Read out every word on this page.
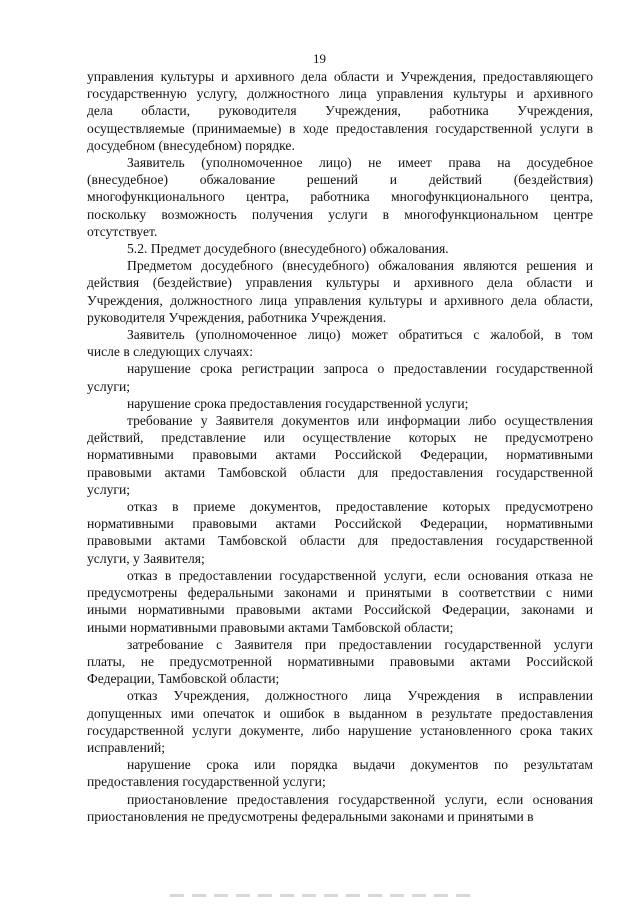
19
управления культуры и архивного дела области и Учреждения, предоставляющего
государственную услугу, должностного лица управления культуры и архивного
дела области, руководителя Учреждения, работника Учреждения,
осуществляемые (принимаемые) в ходе предоставления государственной услуги в
досудебном (внесудебном) порядке.
Заявитель (уполномоченное лицо) не имеет права на досудебное
(внесудебное) обжалование решений и действий (бездействия)
многофункционального центра, работника многофункционального центра,
поскольку возможность получения услуги в многофункциональном центре
отсутствует.
5.2. Предмет досудебного (внесудебного) обжалования.
Предметом досудебного (внесудебного) обжалования являются решения и
действия (бездействие) управления культуры и архивного дела области и
Учреждения, должностного лица управления культуры и архивного дела области,
руководителя Учреждения, работника Учреждения.
Заявитель (уполномоченное лицо) может обратиться с жалобой, в том
числе в следующих случаях:
нарушение срока регистрации запроса о предоставлении государственной
услуги;
нарушение срока предоставления государственной услуги;
требование у Заявителя документов или информации либо осуществления
действий, представление или осуществление которых не предусмотрено
нормативными правовыми актами Российской Федерации, нормативными
правовыми актами Тамбовской области для предоставления государственной
услуги;
отказ в приеме документов, предоставление которых предусмотрено
нормативными правовыми актами Российской Федерации, нормативными
правовыми актами Тамбовской области для предоставления государственной
услуги, у Заявителя;
отказ в предоставлении государственной услуги, если основания отказа не
предусмотрены федеральными законами и принятыми в соответствии с ними
иными нормативными правовыми актами Российской Федерации, законами и
иными нормативными правовыми актами Тамбовской области;
затребование с Заявителя при предоставлении государственной услуги
платы, не предусмотренной нормативными правовыми актами Российской
Федерации, Тамбовской области;
отказ Учреждения, должностного лица Учреждения в исправлении
допущенных ими опечаток и ошибок в выданном в результате предоставления
государственной услуги документе, либо нарушение установленного срока таких
исправлений;
нарушение срока или порядка выдачи документов по результатам
предоставления государственной услуги;
приостановление предоставления государственной услуги, если основания
приостановления не предусмотрены федеральными законами и принятыми в
